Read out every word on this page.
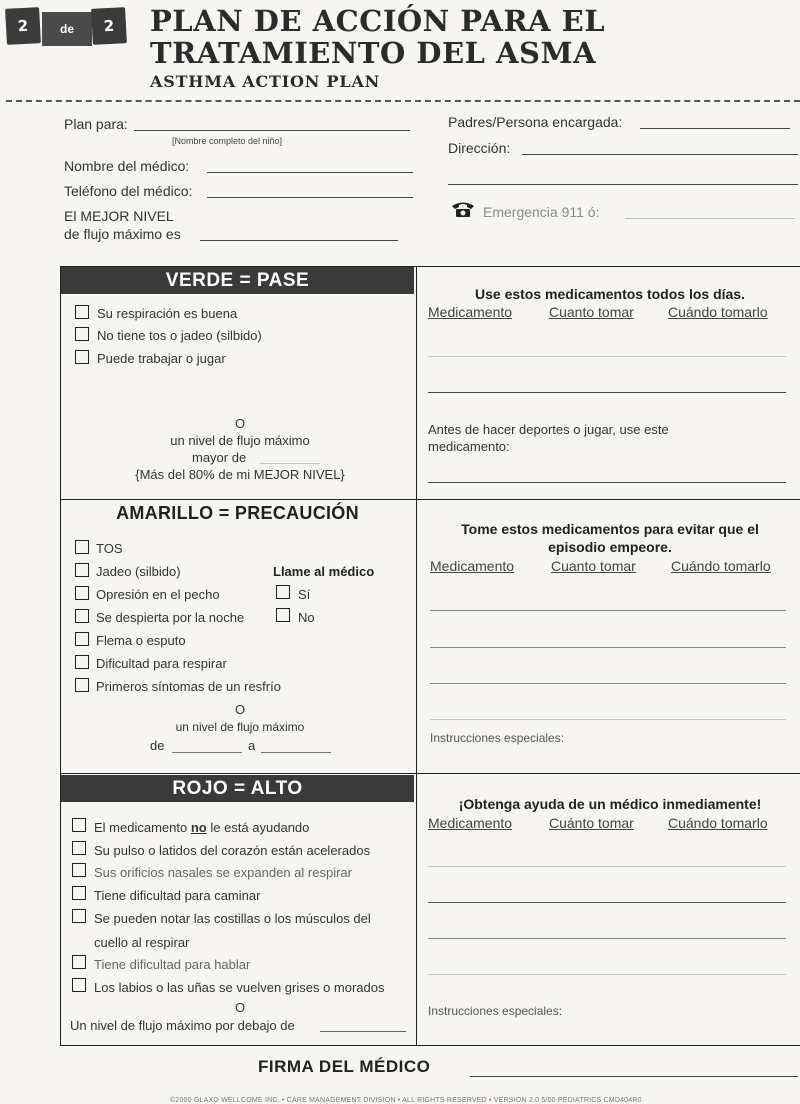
2	de	2	PLAN DE ACCIÓN PARA EL
TRATAMIENTO DEL ASMA
ASTHMA ACTION PLAN
Plan para:
[Nombre completo del niño]
Nombre del médico:
Teléfono del médico:
El MEJOR NIVEL
de flujo máximo es
Padres/Persona encargada:
Dirección:
Emergencia 911 ó:
VERDE = PASE
Su respiración es buena
No tiene tos o jadeo (silbido)
Puede trabajar o jugar
O
un nivel de flujo máximo
mayor de
{Más del 80% de mi MEJOR NIVEL}
Use estos medicamentos todos los días.
Medicamento	Cuanto tomar Cuándo tomarlo
Antes de hacer deportes o jugar, use este
medicamento:
AMARILLO = PRECAUCIÓN
TOS
Jadeo (silbido)
Opresión en el pecho
Se despierta por la noche
Flema o esputo
Dificultad para respirar
Primeros síntomas de un resfrío
Llame al médico
Sí
No
O
un nivel de flujo máximo
de	a
Tome estos medicamentos para evitar que el
episodio empeore.
Medicamento	Cuanto tomar	Cuándo tomarlo
Instrucciones especiales:
ROJO = ALTO
El medicamento no le está ayudando
Su pulso o latidos del corazón están acelerados
Sus orificios nasales se expanden al respirar
Tiene dificultad para caminar
Se pueden notar las costillas o los músculos del
cuello al respirar
Tiene dificultad para hablar
Los labios o las uñas se vuelven grises o morados
O
Un nivel de flujo máximo por debajo de
¡Obtenga ayuda de un médico inmediamente!
Medicamento	Cuánto tomar Cuándo tomarlo
Instrucciones especiales:
FIRMA DEL MÉDICO
©2000 GLAXO WELLCOME INC. • CARE MANAGEMENT DIVISION • ALL RIGHTS RESERVED • VERSION 2.0 5/00 PEDIATRICS CMD404R0
